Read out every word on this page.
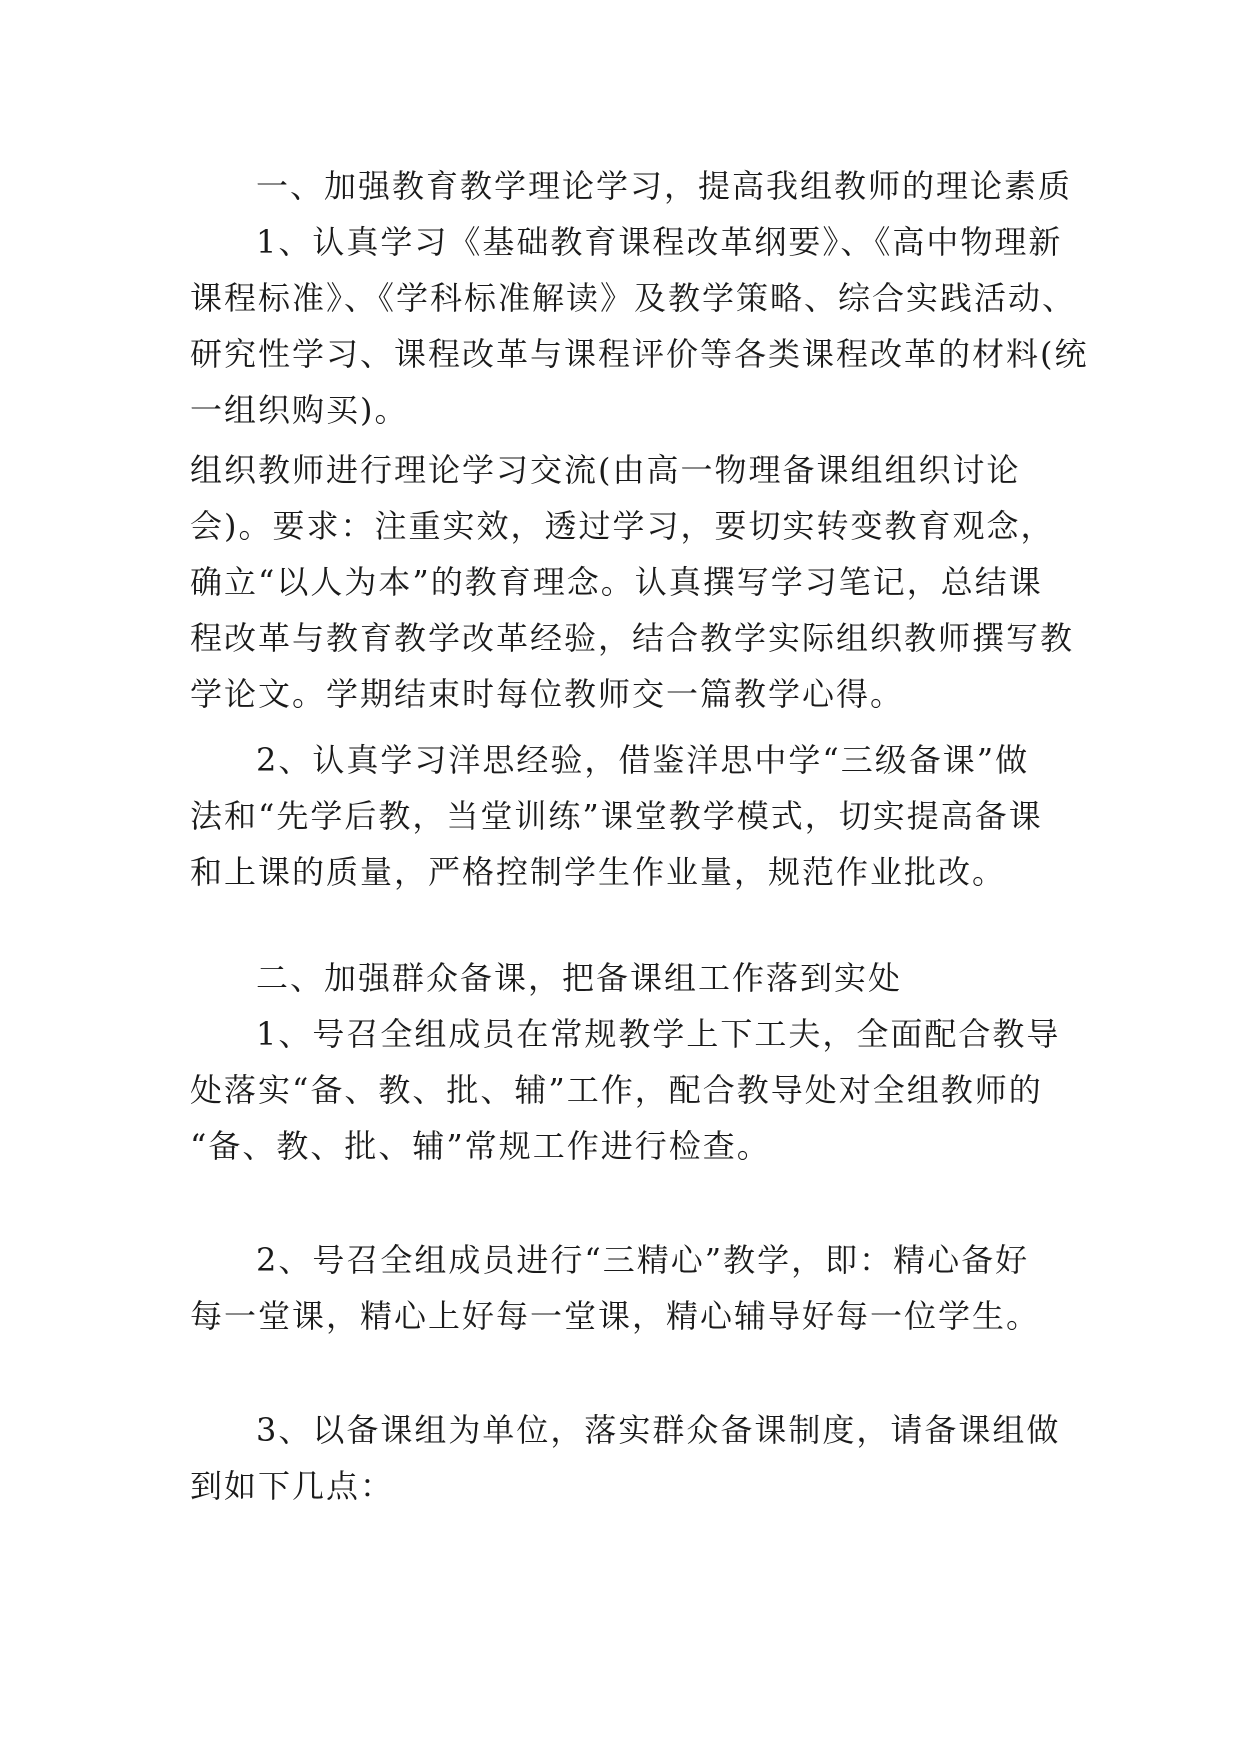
一、加强教育教学理论学习，提高我组教师的理论素质
1、认真学习《基础教育课程改革纲要》、《高中物理新
课程标准》、《学科标准解读》及教学策略、综合实践活动、
研究性学习、课程改革与课程评价等各类课程改革的材料(统
一组织购买)。
组织教师进行理论学习交流(由高一物理备课组组织讨论
会)。要求：注重实效，透过学习，要切实转变教育观念，
确立“以人为本”的教育理念。认真撰写学习笔记，总结课
程改革与教育教学改革经验，结合教学实际组织教师撰写教
学论文。学期结束时每位教师交一篇教学心得。
2、认真学习洋思经验，借鉴洋思中学“三级备课”做
法和“先学后教，当堂训练”课堂教学模式，切实提高备课
和上课的质量，严格控制学生作业量，规范作业批改。
二、加强群众备课，把备课组工作落到实处
1、号召全组成员在常规教学上下工夫，全面配合教导
处落实“备、教、批、辅”工作，配合教导处对全组教师的
“备、教、批、辅”常规工作进行检查。
2、号召全组成员进行“三精心”教学，即：精心备好
每一堂课，精心上好每一堂课，精心辅导好每一位学生。
3、以备课组为单位，落实群众备课制度，请备课组做
到如下几点：
